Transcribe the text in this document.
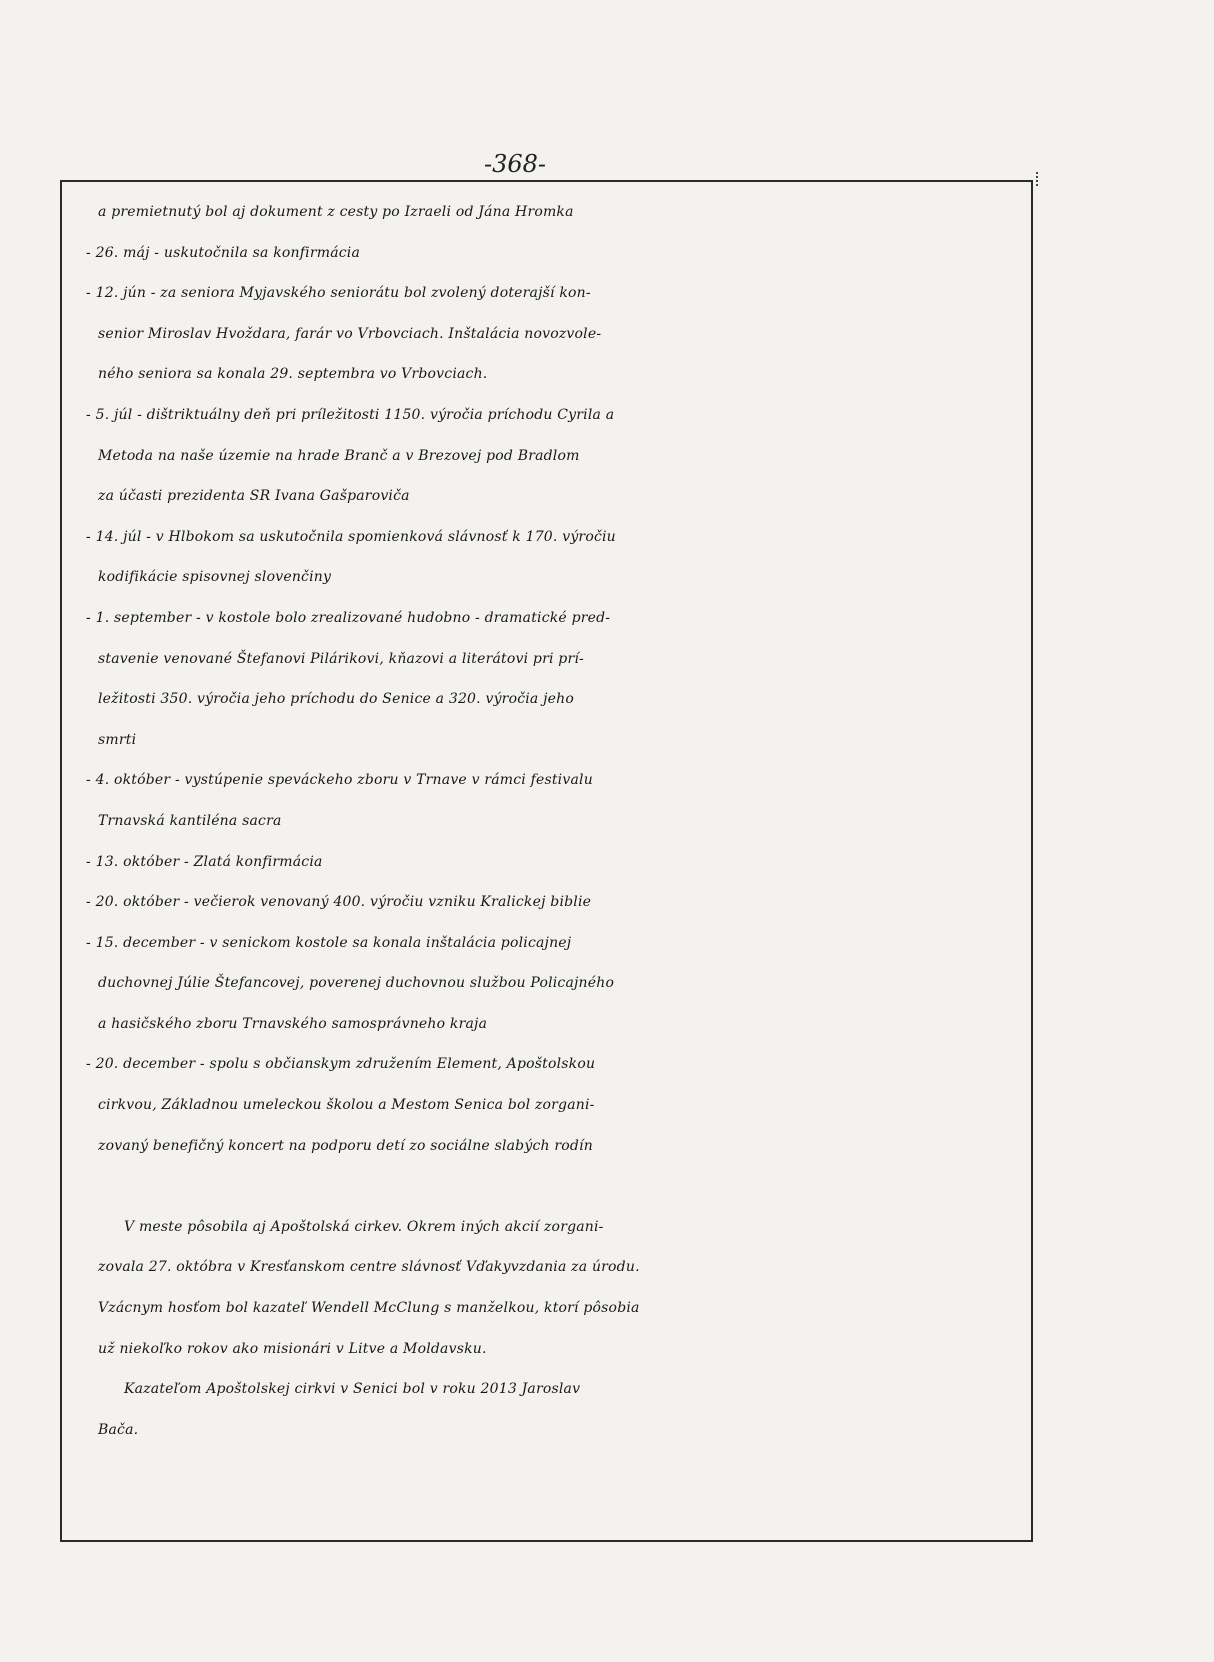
-368-
a premietnutý bol aj dokument z cesty po Izraeli od Jána Hromka
- 26. máj - uskutočnila sa konfirmácia
- 12. jún - za seniora Myjavského seniorátu bol zvolený doterajší kon-
senior Miroslav Hvoždara, farár vo Vrbovciach. Inštalácia novozvole-
ného seniora sa konala 29. septembra vo Vrbovciach.
- 5. júl - dištriktuálny deň pri príležitosti 1150. výročia príchodu Cyrila a
Metoda na naše územie na hrade Branč a v Brezovej pod Bradlom
za účasti prezidenta SR Ivana Gašparoviča
- 14. júl - v Hlbokom sa uskutočnila spomienková slávnosť k 170. výročiu
kodifikácie spisovnej slovenčiny
- 1. september - v kostole bolo zrealizované hudobno - dramatické pred-
stavenie venované Štefanovi Pilárikovi, kňazovi a literátovi pri prí-
ležitosti 350. výročia jeho príchodu do Senice a 320. výročia jeho
smrti
- 4. október - vystúpenie speváckeho zboru v Trnave v rámci festivalu
Trnavská kantiléna sacra
- 13. október - Zlatá konfirmácia
- 20. október - večierok venovaný 400. výročiu vzniku Kralickej biblie
- 15. december - v senickom kostole sa konala inštalácia policajnej
duchovnej Júlie Štefancovej, poverenej duchovnou službou Policajného
a hasičského zboru Trnavského samosprávneho kraja
- 20. december - spolu s občianskym združením Element, Apoštolskou
cirkvou, Základnou umeleckou školou a Mestom Senica bol zorgani-
zovaný benefičný koncert na podporu detí zo sociálne slabých rodín
V meste pôsobila aj Apoštolská cirkev. Okrem iných akcií zorgani-
zovala 27. októbra v Kresťanskom centre slávnosť Vďakyvzdania za úrodu.
Vzácnym hosťom bol kazateľ Wendell McClung s manželkou, ktorí pôsobia
už niekoľko rokov ako misionári v Litve a Moldavsku.
Kazateľom Apoštolskej cirkvi v Senici bol v roku 2013 Jaroslav
Bača.
